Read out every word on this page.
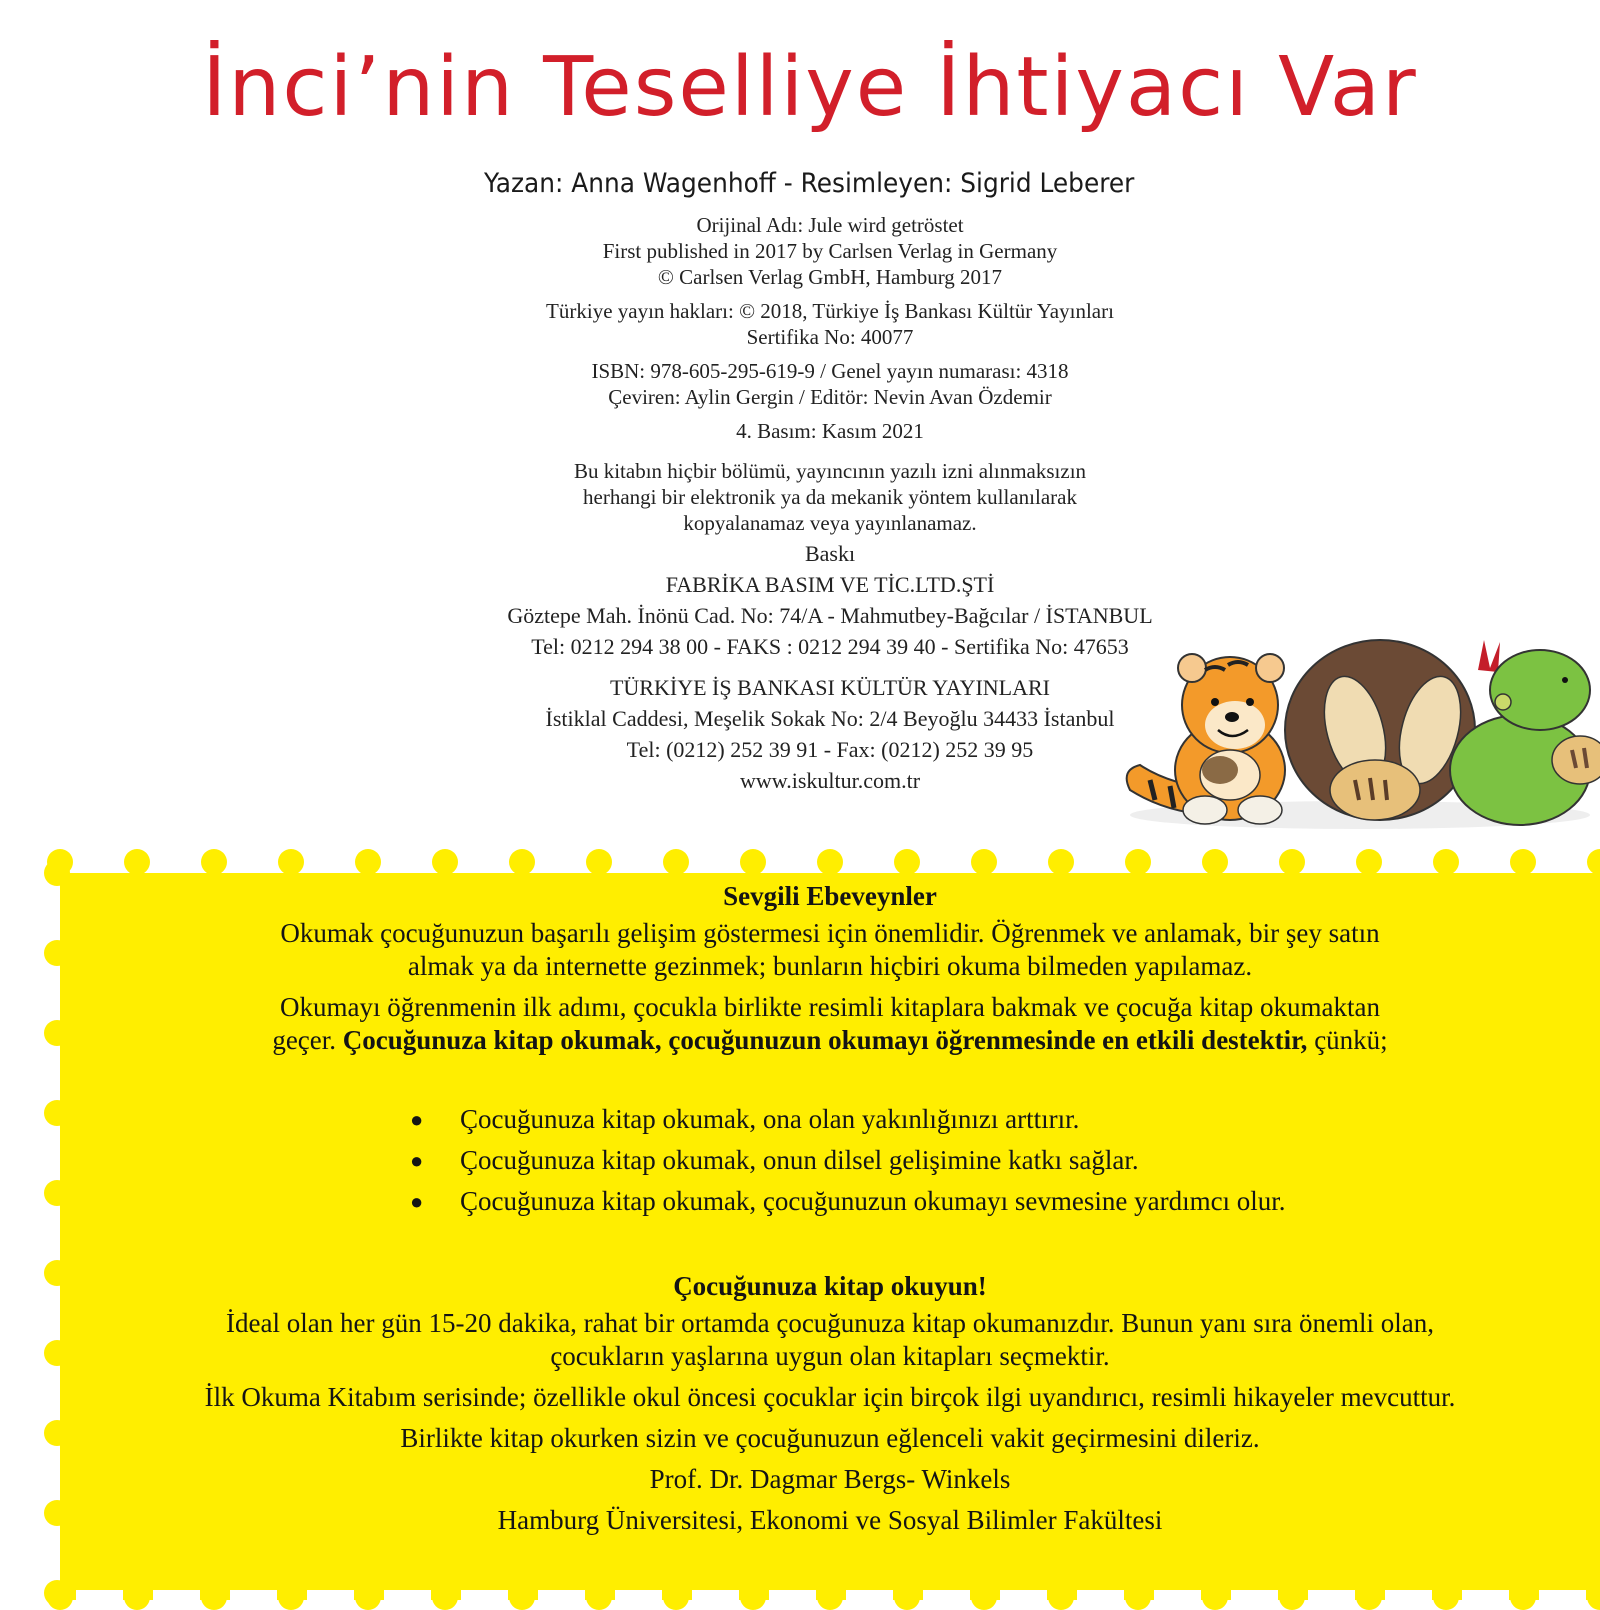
İnci’nin Teselliye İhtiyacı Var
Yazan: Anna Wagenhoff - Resimleyen: Sigrid Leberer
Orijinal Adı: Jule wird getröstet
First published in 2017 by Carlsen Verlag in Germany
© Carlsen Verlag GmbH, Hamburg 2017
Türkiye yayın hakları: © 2018, Türkiye İş Bankası Kültür Yayınları
Sertifika No: 40077
ISBN: 978-605-295-619-9 / Genel yayın numarası: 4318
Çeviren: Aylin Gergin / Editör: Nevin Avan Özdemir
4. Basım: Kasım 2021
Bu kitabın hiçbir bölümü, yayıncının yazılı izni alınmaksızın
herhangi bir elektronik ya da mekanik yöntem kullanılarak
kopyalanamaz veya yayınlanamaz.
Baskı
FABRİKA BASIM VE TİC.LTD.ŞTİ
Göztepe Mah. İnönü Cad. No: 74/A - Mahmutbey-Bağcılar / İSTANBUL
Tel: 0212 294 38 00 - FAKS : 0212 294 39 40 - Sertifika No: 47653
TÜRKİYE İŞ BANKASI KÜLTÜR YAYINLARI
İstiklal Caddesi, Meşelik Sokak No: 2/4 Beyoğlu 34433 İstanbul
Tel: (0212) 252 39 91 - Fax: (0212) 252 39 95
www.iskultur.com.tr
Sevgili Ebeveynler

Okumak çocuğunuzun başarılı gelişim göstermesi için önemlidir. Öğrenmek ve anlamak, bir şey satın
almak ya da internette gezinmek; bunların hiçbiri okuma bilmeden yapılamaz.

Okumayı öğrenmenin ilk adımı, çocukla birlikte resimli kitaplara bakmak ve çocuğa kitap okumaktan
geçer. Çocuğunuza kitap okumak, çocuğunuzun okumayı öğrenmesinde en etkili destektir, çünkü;

● Çocuğunuza kitap okumak, ona olan yakınlığınızı arttırır.
● Çocuğunuza kitap okumak, onun dilsel gelişimine katkı sağlar.
● Çocuğunuza kitap okumak, çocuğunuzun okumayı sevmesine yardımcı olur.
Çocuğunuza kitap okuyun!

İdeal olan her gün 15-20 dakika, rahat bir ortamda çocuğunuza kitap okumanızdır. Bunun yanı sıra önemli olan,
çocukların yaşlarına uygun olan kitapları seçmektir.

İlk Okuma Kitabım serisinde; özellikle okul öncesi çocuklar için birçok ilgi uyandırıcı, resimli hikayeler mevcuttur.

Birlikte kitap okurken sizin ve çocuğunuzun eğlenceli vakit geçirmesini dileriz.

Prof. Dr. Dagmar Bergs- Winkels

Hamburg Üniversitesi, Ekonomi ve Sosyal Bilimler Fakültesi
